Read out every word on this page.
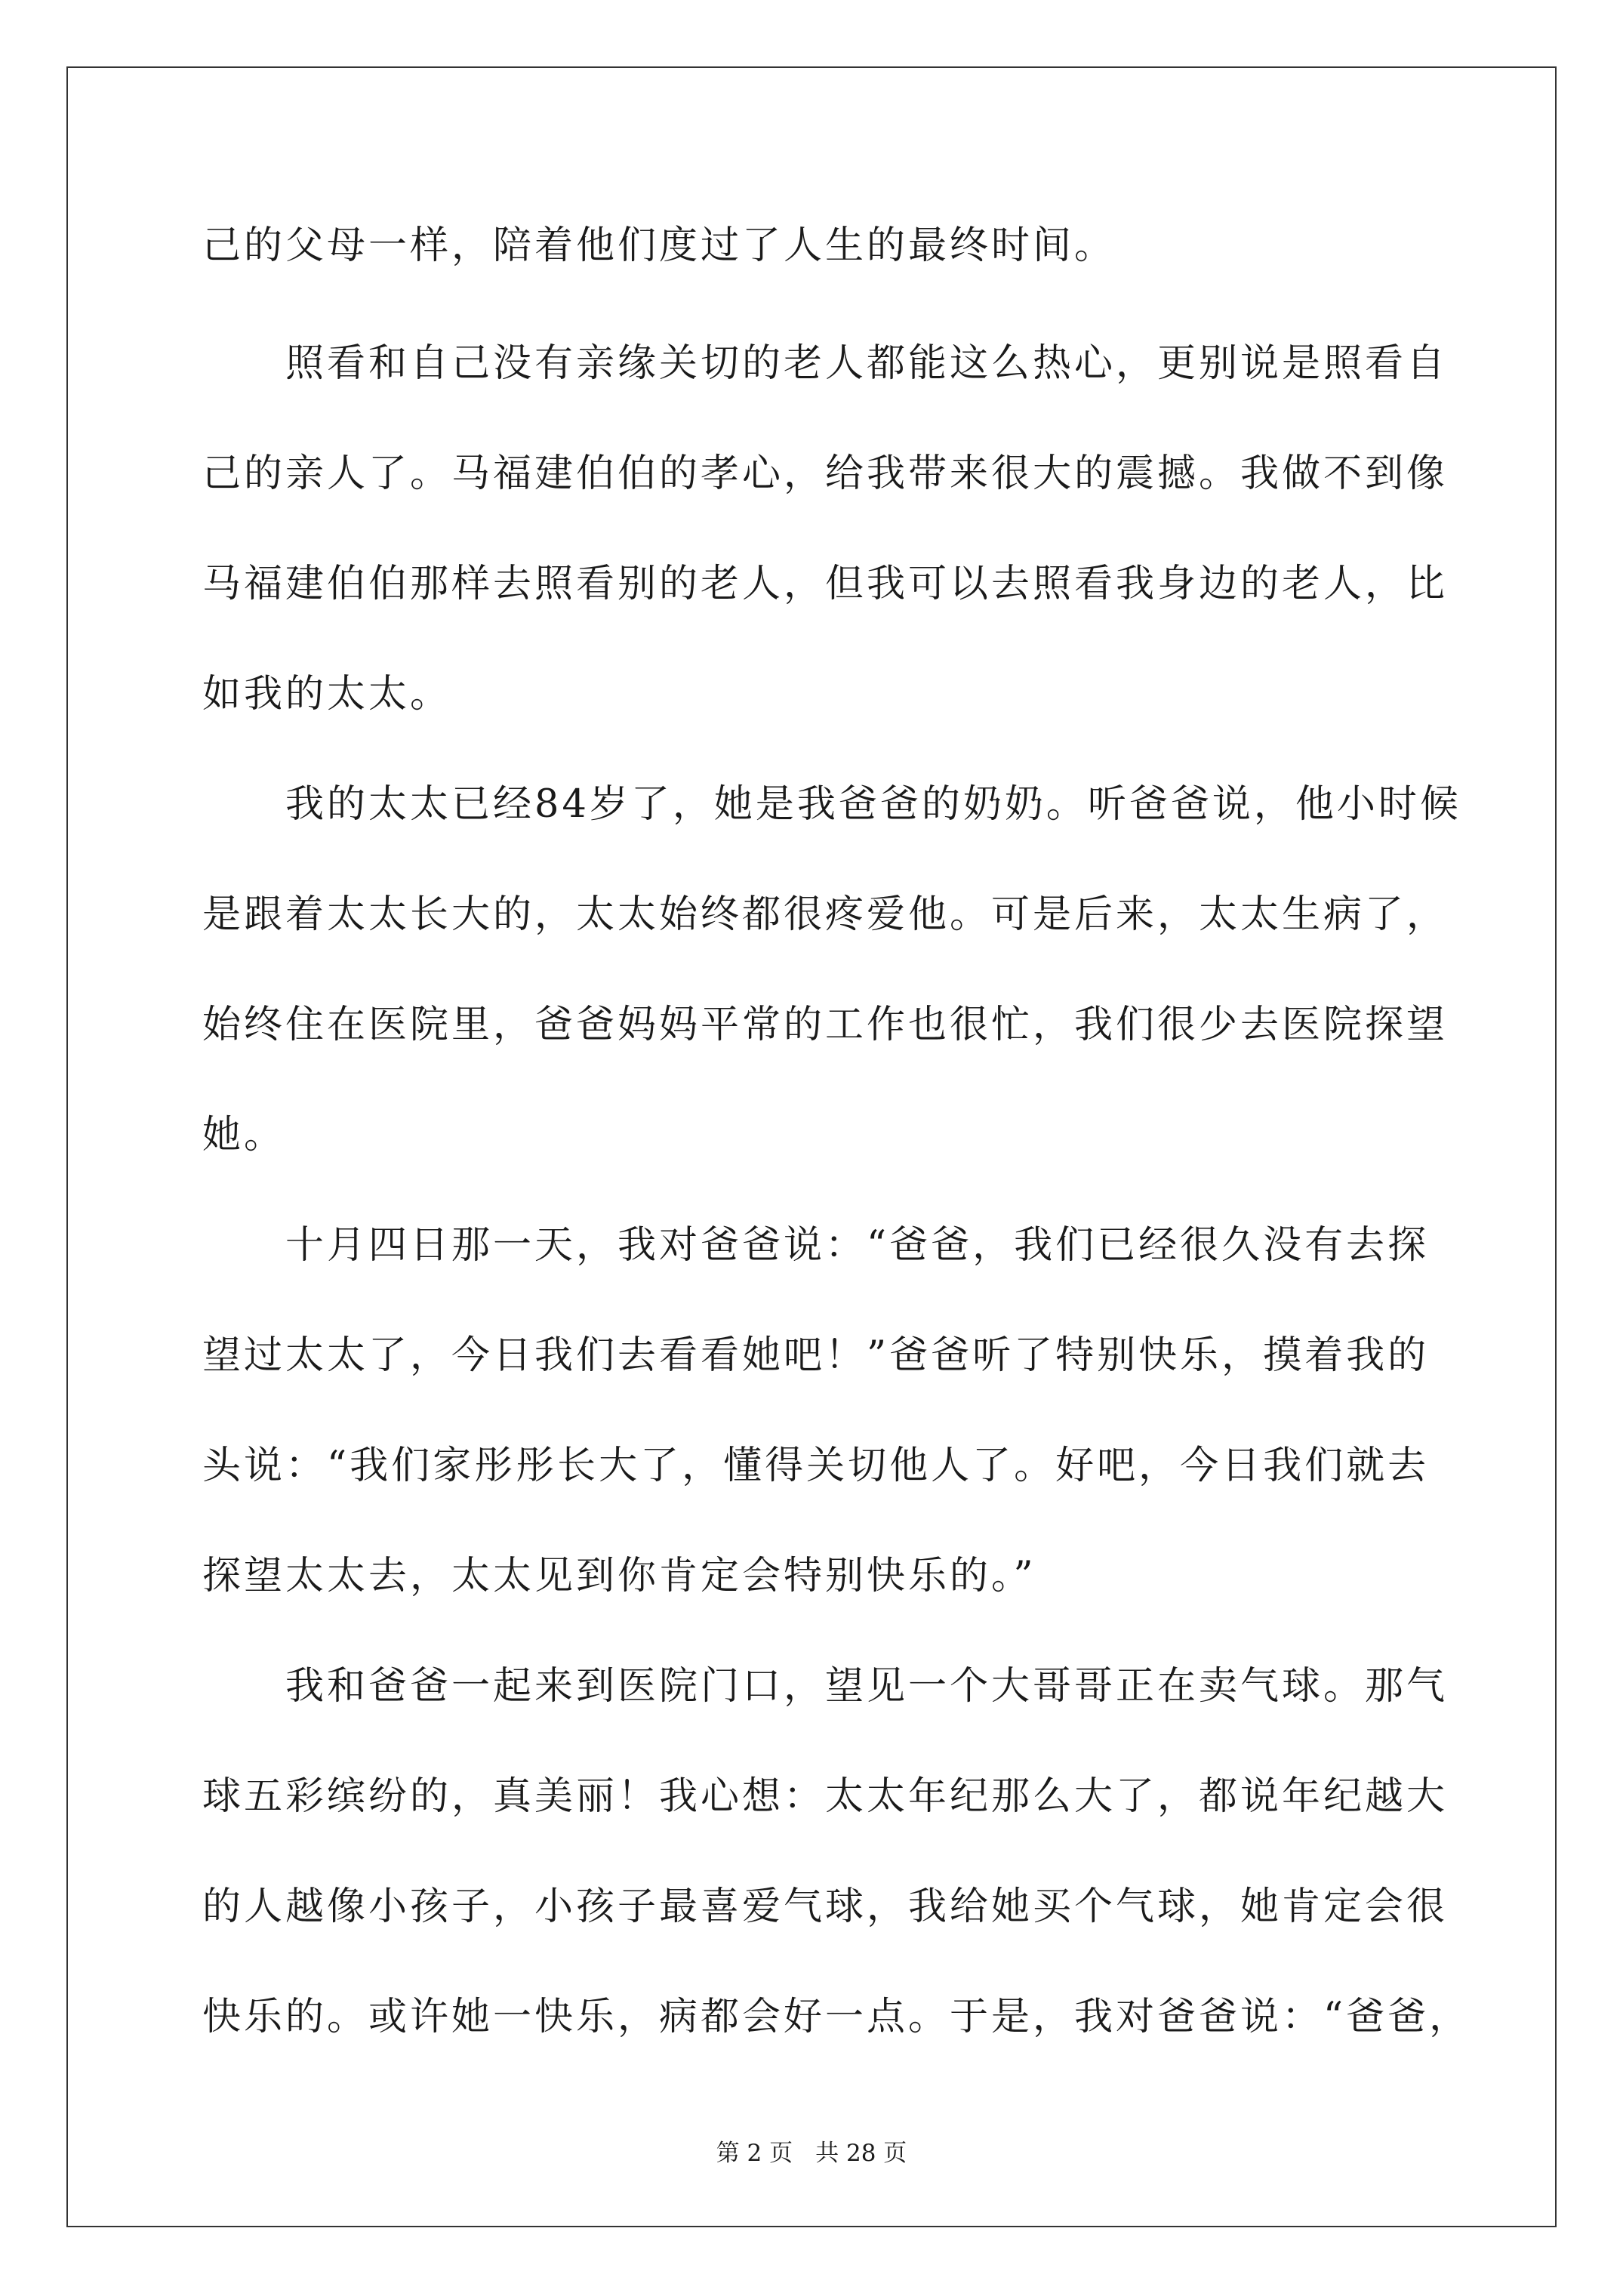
己的父母一样，陪着他们度过了人生的最终时间。
　　照看和自己没有亲缘关切的老人都能这么热心，更别说是照看自
己的亲人了。马福建伯伯的孝心，给我带来很大的震撼。我做不到像
马福建伯伯那样去照看别的老人，但我可以去照看我身边的老人，比
如我的太太。
　　我的太太已经84岁了，她是我爸爸的奶奶。听爸爸说，他小时候
是跟着太太长大的，太太始终都很疼爱他。可是后来，太太生病了，
始终住在医院里，爸爸妈妈平常的工作也很忙，我们很少去医院探望
她。
　　十月四日那一天，我对爸爸说：“爸爸，我们已经很久没有去探
望过太太了，今日我们去看看她吧！”爸爸听了特别快乐，摸着我的
头说：“我们家彤彤长大了，懂得关切他人了。好吧，今日我们就去
探望太太去，太太见到你肯定会特别快乐的。”
　　我和爸爸一起来到医院门口，望见一个大哥哥正在卖气球。那气
球五彩缤纷的，真美丽！我心想：太太年纪那么大了，都说年纪越大
的人越像小孩子，小孩子最喜爱气球，我给她买个气球，她肯定会很
快乐的。或许她一快乐，病都会好一点。于是，我对爸爸说：“爸爸，
第 2 页 共 28 页
